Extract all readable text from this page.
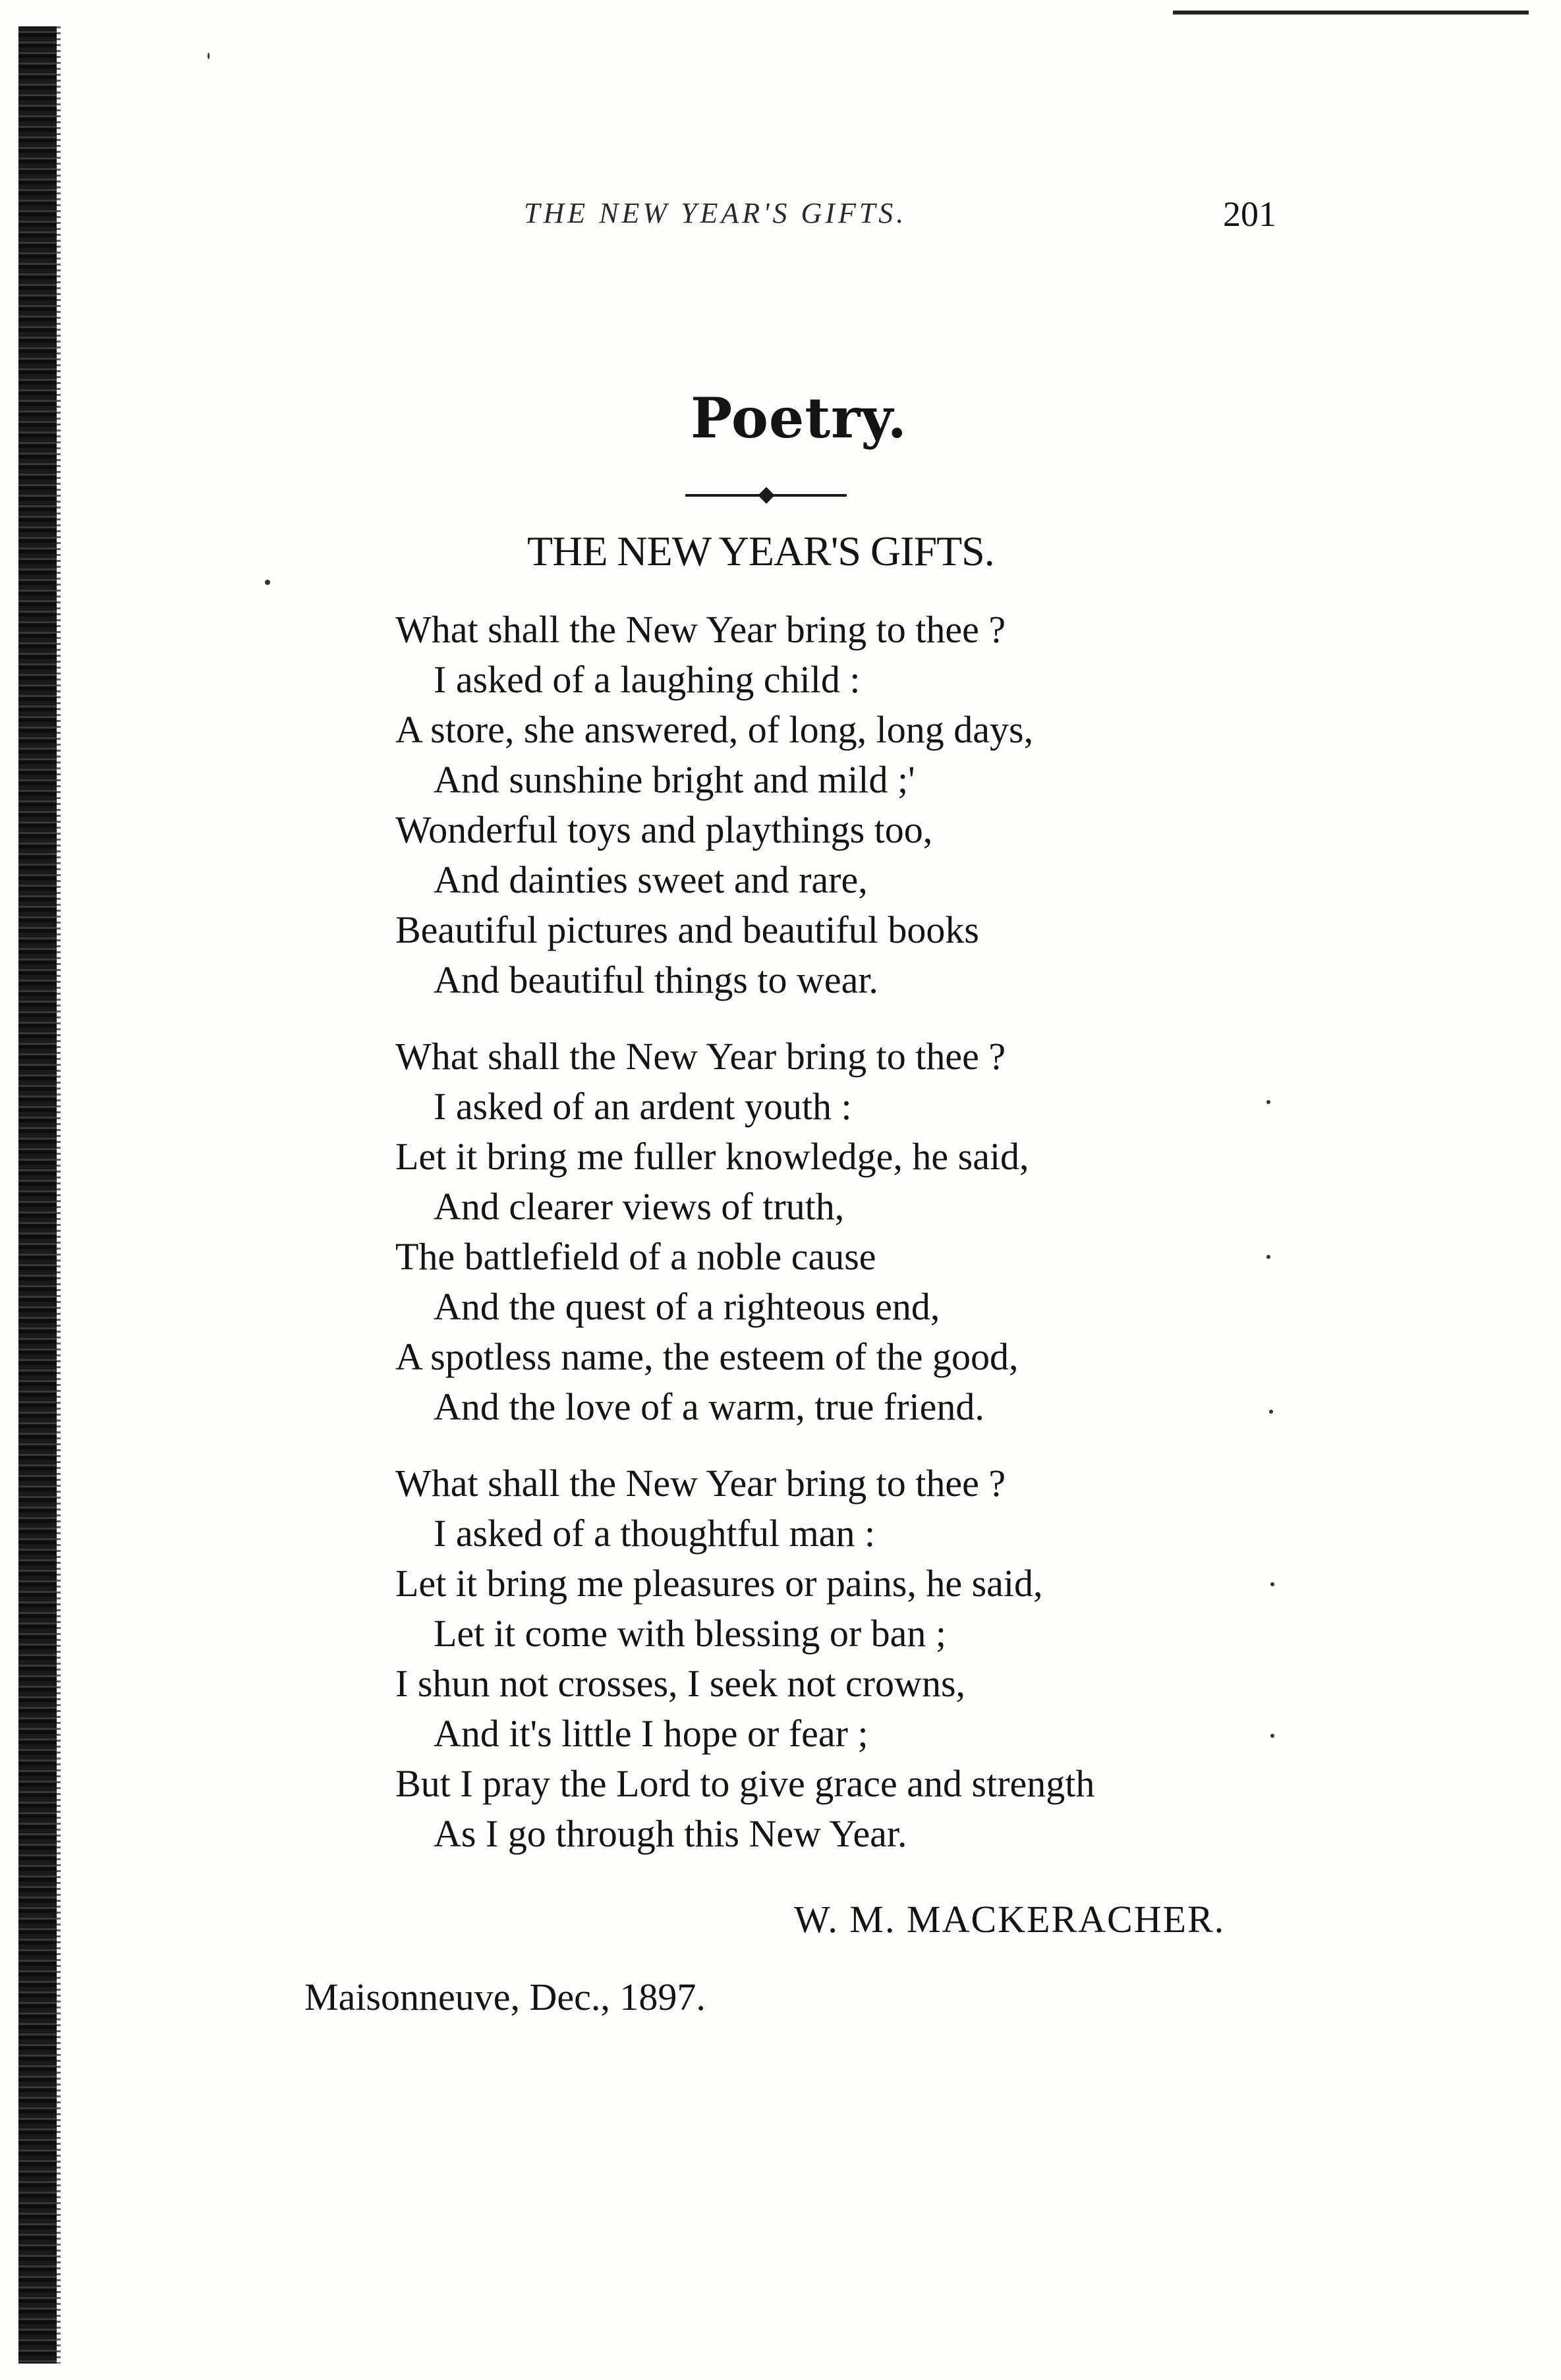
THE NEW YEAR'S GIFTS.	201
Poetry.
THE NEW YEAR'S GIFTS.
What shall the New Year bring to thee ?
I asked of a laughing child :
A store, she answered, of long, long days,
And sunshine bright and mild ;'
Wonderful toys and playthings too,
And dainties sweet and rare,
Beautiful pictures and beautiful books
And beautiful things to wear.
What shall the New Year bring to thee ?
I asked of an ardent youth :
Let it bring me fuller knowledge, he said,
And clearer views of truth,
The battlefield of a noble cause
And the quest of a righteous end,
A spotless name, the esteem of the good,
And the love of a warm, true friend.
What shall the New Year bring to thee ?
I asked of a thoughtful man :
Let it bring me pleasures or pains, he said,
Let it come with blessing or ban ;
I shun not crosses, I seek not crowns,
And it's little I hope or fear ;
But I pray the Lord to give grace and strength
As I go through this New Year.
W. M. MACKERACHER.
Maisonneuve, Dec., 1897.
